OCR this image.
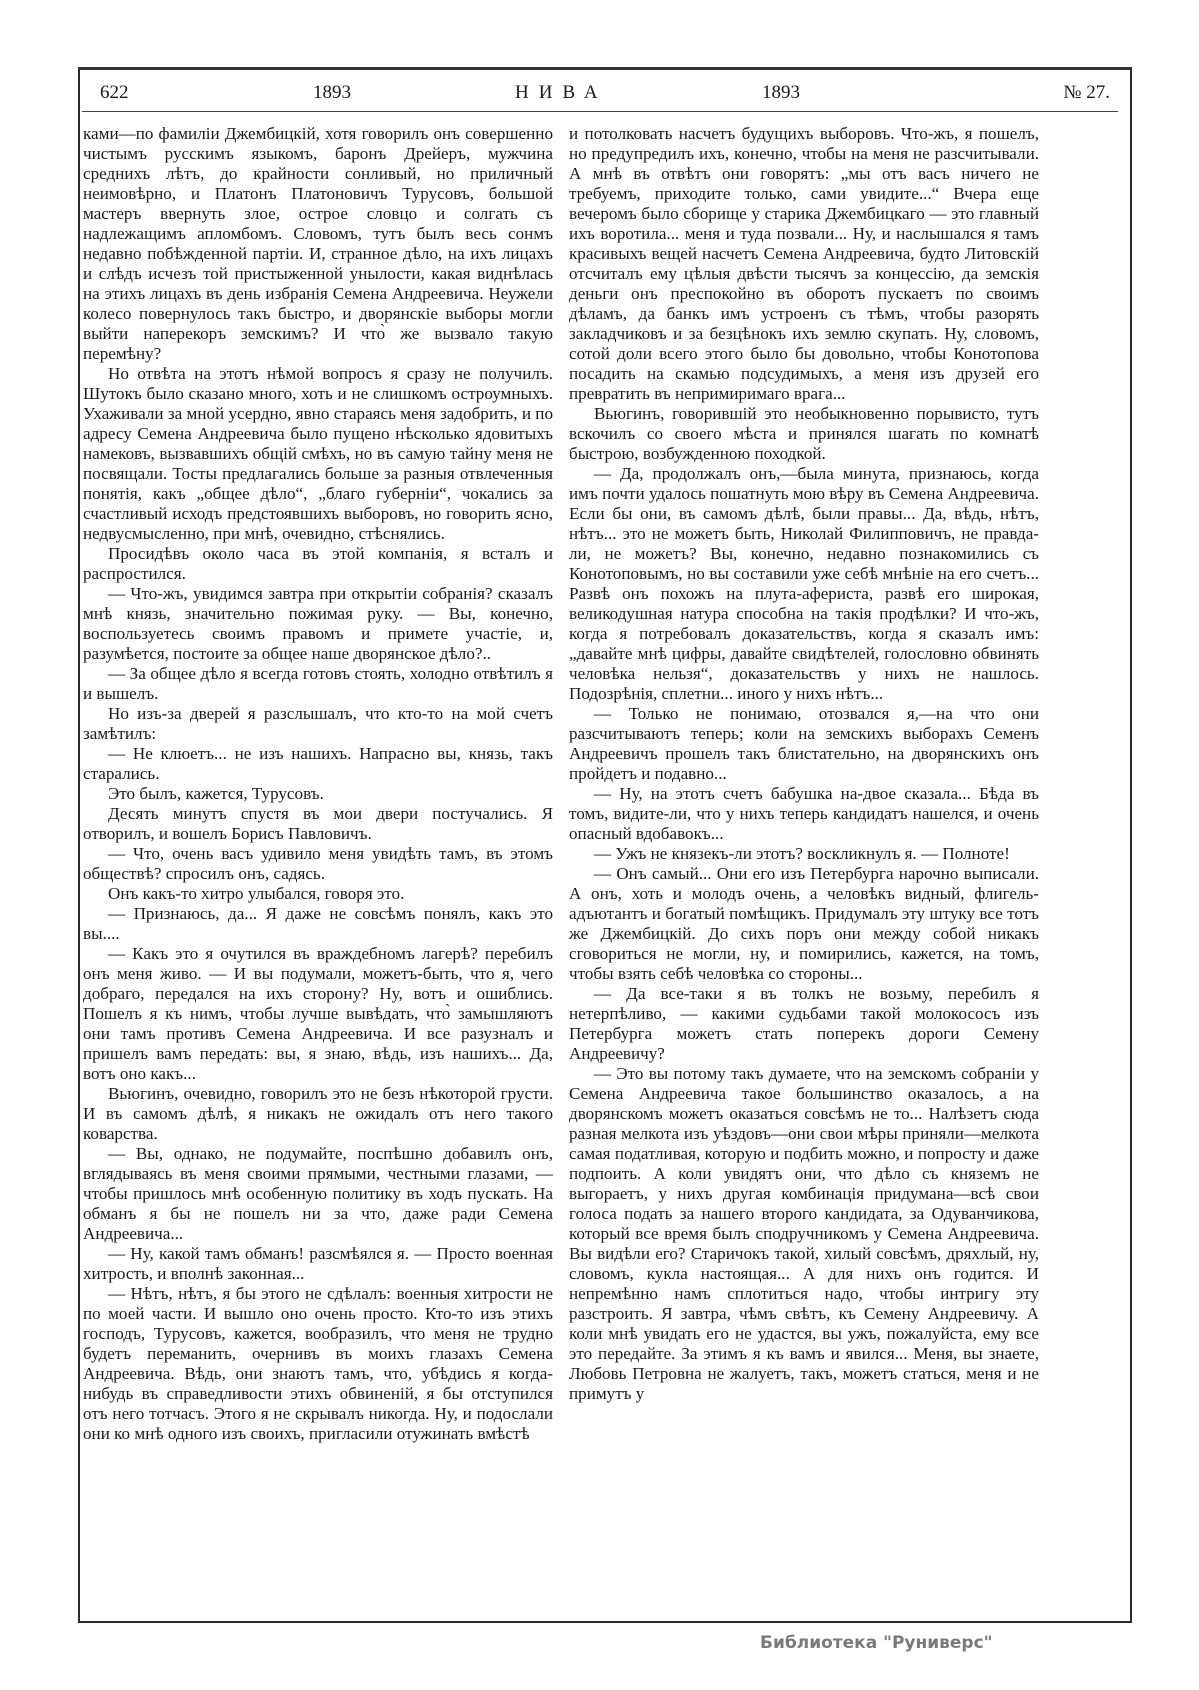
622	1893	НИВА	1893	№ 27.

ками—по фамиліи Джембицкій, хотя говорилъ онъ совершенно чистымъ русскимъ языкомъ, баронъ Дрейеръ, мужчина среднихъ лѣтъ, до крайности сонливый, но приличный неимовѣрно, и Платонъ Платоновичъ Турусовъ, большой мастеръ ввернуть злое, острое словцо и солгать съ надлежащимъ апломбомъ. Словомъ, тутъ былъ весь сонмъ недавно побѣжденной партіи. И, странное дѣло, на ихъ лицахъ и слѣдъ исчезъ той пристыженной унылости, какая виднѣлась на этихъ лицахъ въ день избранія Семена Андреевича. Неужели колесо повернулось такъ быстро, и дворянскіе выборы могли выйти наперекоръ земскимъ? И что̀ же вызвало такую перемѣну?

Но отвѣта на этотъ нѣмой вопросъ я сразу не получилъ. Шутокъ было сказано много, хоть и не слишкомъ остроумныхъ. Ухаживали за мной усердно, явно стараясь меня задобрить, и по адресу Семена Андреевича было пущено нѣсколько ядовитыхъ намековъ, вызвавшихъ общій смѣхъ, но въ самую тайну меня не посвящали. Тосты предлагались больше за разныя отвлеченныя понятія, какъ „общее дѣло“, „благо губерніи“, чокались за счастливый исходъ предстоявшихъ выборовъ, но говорить ясно, недвусмысленно, при мнѣ, очевидно, стѣснялись.

Просидѣвъ около часа въ этой компанія, я всталъ и распростился.

— Что-жъ, увидимся завтра при открытіи собранія? сказалъ мнѣ князь, значительно пожимая руку. — Вы, конечно, воспользуетесь своимъ правомъ и примете участіе, и, разумѣется, постоите за общее наше дворянское дѣло?..

— За общее дѣло я всегда готовъ стоять, холодно отвѣтилъ я и вышелъ.

Но изъ-за дверей я разслышалъ, что кто-то на мой счетъ замѣтилъ:

— Не клюетъ... не изъ нашихъ. Напрасно вы, князь, такъ старались.

Это былъ, кажется, Турусовъ.

Десять минутъ спустя въ мои двери постучались. Я отворилъ, и вошелъ Борисъ Павловичъ.

— Что, очень васъ удивило меня увидѣть тамъ, въ этомъ обществѣ? спросилъ онъ, садясь.

Онъ какъ-то хитро улыбался, говоря это.

— Признаюсь, да... Я даже не совсѣмъ понялъ, какъ это вы....

— Какъ это я очутился въ враждебномъ лагерѣ? перебилъ онъ меня живо. — И вы подумали, можетъ-быть, что я, чего добраго, передался на ихъ сторону? Ну, вотъ и ошиблись. Пошелъ я къ нимъ, чтобы лучше вывѣдать, что̀ замышляютъ они тамъ противъ Семена Андреевича. И все разузналъ и пришелъ вамъ передать: вы, я знаю, вѣдь, изъ нашихъ... Да, вотъ оно какъ...

Вьюгинъ, очевидно, говорилъ это не безъ нѣкоторой грусти. И въ самомъ дѣлѣ, я никакъ не ожидалъ отъ него такого коварства.

— Вы, однако, не подумайте, поспѣшно добавилъ онъ, вглядываясь въ меня своими прямыми, честными глазами, — чтобы пришлось мнѣ особенную политику въ ходъ пускать. На обманъ я бы не пошелъ ни за что, даже ради Семена Андреевича...

— Ну, какой тамъ обманъ! разсмѣялся я. — Просто военная хитрость, и вполнѣ законная...

— Нѣтъ, нѣтъ, я бы этого не сдѣлалъ: военныя хитрости не по моей части. И вышло оно очень просто. Кто-то изъ этихъ господъ, Турусовъ, кажется, вообразилъ, что меня не трудно будетъ переманить, очернивъ въ моихъ глазахъ Семена Андреевича. Вѣдь, они знаютъ тамъ, что, убѣдись я когда-нибудь въ справедливости этихъ обвиненій, я бы отступился отъ него тотчасъ. Этого я не скрывалъ никогда. Ну, и подослали они ко мнѣ одного изъ своихъ, пригласили отужинать вмѣстѣ

и потолковать насчетъ будущихъ выборовъ. Что-жъ, я пошелъ, но предупредилъ ихъ, конечно, чтобы на меня не разсчитывали. А мнѣ въ отвѣтъ они говорятъ: „мы отъ васъ ничего не требуемъ, приходите только, сами увидите...“ Вчера еще вечеромъ было сборище у старика Джембицкаго — это главный ихъ воротила... меня и туда позвали... Ну, и наслышался я тамъ красивыхъ вещей насчетъ Семена Андреевича, будто Литовскій отсчиталъ ему цѣлыя двѣсти тысячъ за концессію, да земскія деньги онъ преспокойно въ оборотъ пускаетъ по своимъ дѣламъ, да банкъ имъ устроенъ съ тѣмъ, чтобы разорять закладчиковъ и за безцѣнокъ ихъ землю скупать. Ну, словомъ, сотой доли всего этого было бы довольно, чтобы Конотопова посадить на скамью подсудимыхъ, а меня изъ друзей его превратить въ непримиримаго врага...

Вьюгинъ, говорившій это необыкновенно порывисто, тутъ вскочилъ со своего мѣста и принялся шагать по комнатѣ быстрою, возбужденною походкой.

— Да, продолжалъ онъ,—была минута, признаюсь, когда имъ почти удалось пошатнуть мою вѣру въ Семена Андреевича. Если бы они, въ самомъ дѣлѣ, были правы... Да, вѣдь, нѣтъ, нѣтъ... это не можетъ быть, Николай Филипповичъ, не правда-ли, не можетъ? Вы, конечно, недавно познакомились съ Конотоповымъ, но вы составили уже себѣ мнѣніе на его счетъ... Развѣ онъ похожъ на плута-афериста, развѣ его широкая, великодушная натура способна на такія продѣлки? И что-жъ, когда я потребовалъ доказательствъ, когда я сказалъ имъ: „давайте мнѣ цифры, давайте свидѣтелей, голословно обвинять человѣка нельзя“, доказательствъ у нихъ не нашлось. Подозрѣнія, сплетни... иного у нихъ нѣтъ...

— Только не понимаю, отозвался я,—на что они разсчитываютъ теперь; коли на земскихъ выборахъ Семенъ Андреевичъ прошелъ такъ блистательно, на дворянскихъ онъ пройдетъ и подавно...

— Ну, на этотъ счетъ бабушка на-двое сказала... Бѣда въ томъ, видите-ли, что у нихъ теперь кандидатъ нашелся, и очень опасный вдобавокъ...

— Ужъ не князекъ-ли этотъ? воскликнулъ я. — Полноте!

— Онъ самый... Они его изъ Петербурга нарочно выписали. А онъ, хоть и молодъ очень, а человѣкъ видный, флигель-адъютантъ и богатый помѣщикъ. Придумалъ эту штуку все тотъ же Джембицкій. До сихъ поръ они между собой никакъ сговориться не могли, ну, и помирились, кажется, на томъ, чтобы взять себѣ человѣка со стороны...

— Да все-таки я въ толкъ не возьму, перебилъ я нетерпѣливо, — какими судьбами такой молокососъ изъ Петербурга можетъ стать поперекъ дороги Семену Андреевичу?

— Это вы потому такъ думаете, что на земскомъ собраніи у Семена Андреевича такое большинство оказалось, а на дворянскомъ можетъ оказаться совсѣмъ не то... Налѣзетъ сюда разная мелкота изъ уѣздовъ—они свои мѣры приняли—мелкота самая податливая, которую и подбить можно, и попросту и даже подпоить. А коли увидятъ они, что дѣло съ княземъ не выгораетъ, у нихъ другая комбинація придумана—всѣ свои голоса подать за нашего второго кандидата, за Одуванчикова, который все время былъ сподручникомъ у Семена Андреевича. Вы видѣли его? Старичокъ такой, хилый совсѣмъ, дряхлый, ну, словомъ, кукла настоящая... А для нихъ онъ годится. И непремѣнно намъ сплотиться надо, чтобы интригу эту разстроить. Я завтра, чѣмъ свѣтъ, къ Семену Андреевичу. А коли мнѣ увидать его не удастся, вы ужъ, пожалуйста, ему все это передайте. За этимъ я къ вамъ и явился... Меня, вы знаете, Любовь Петровна не жалуетъ, такъ, можетъ статься, меня и не примутъ у

Библиотека "Руниверс"
